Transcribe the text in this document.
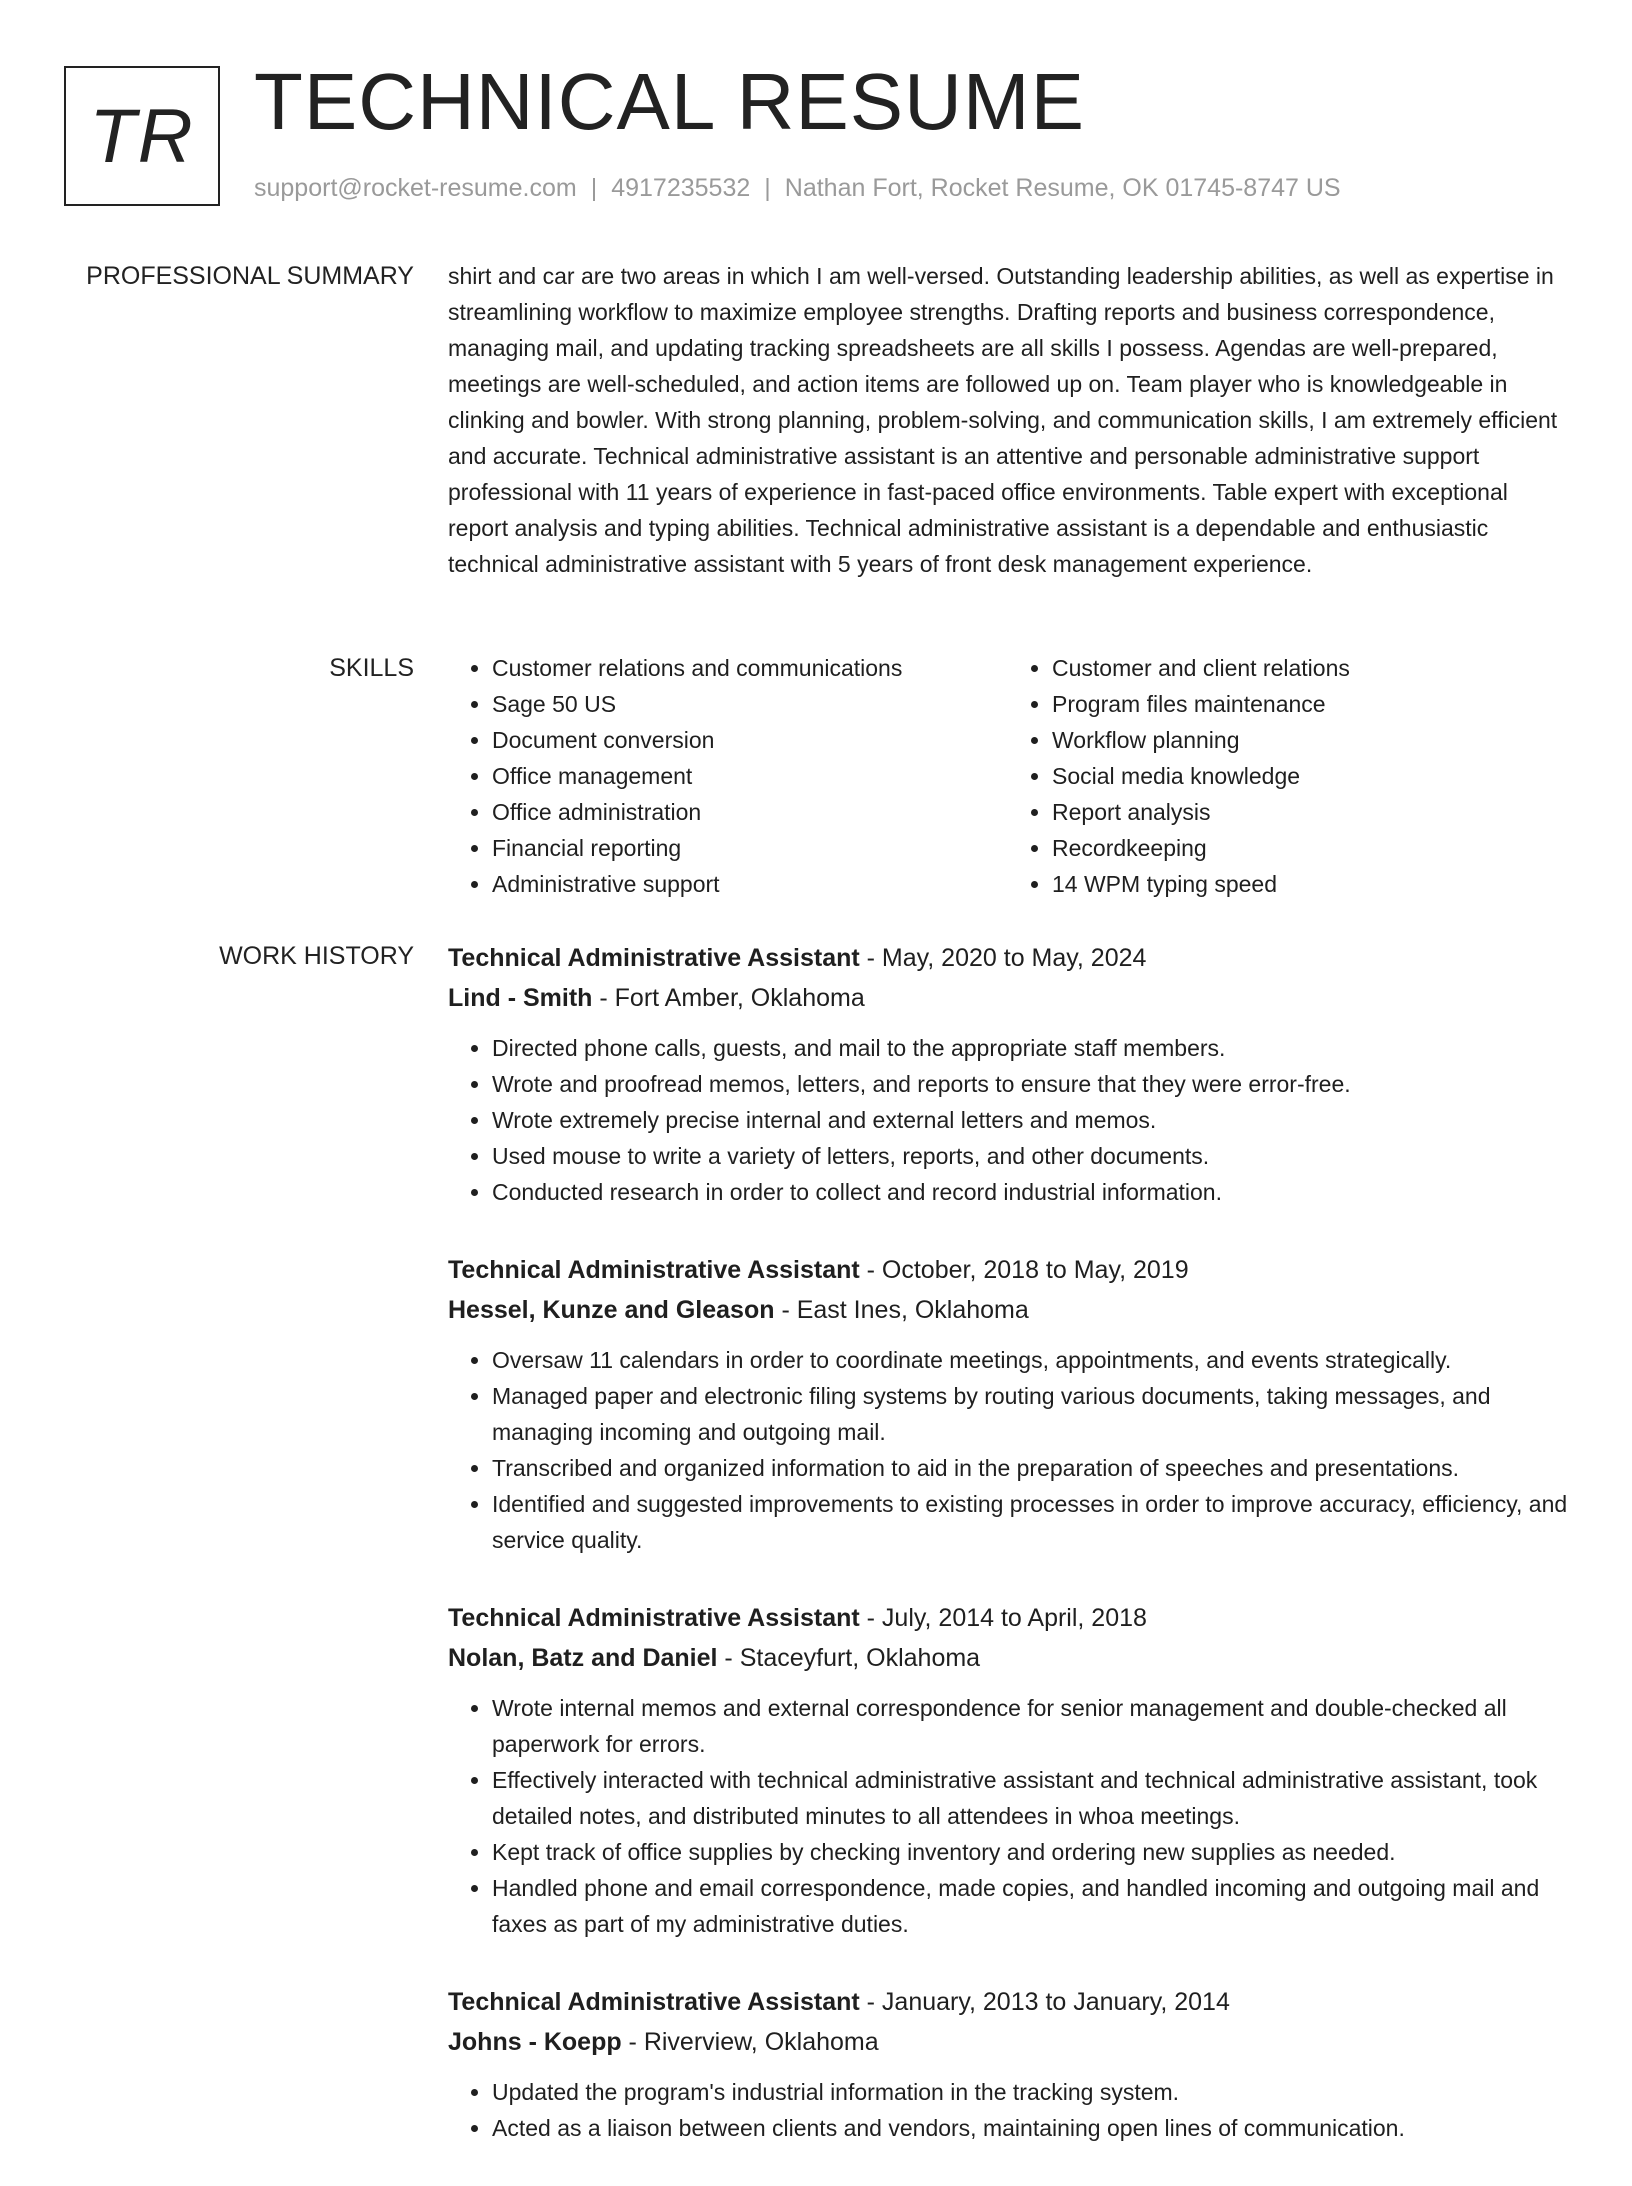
TR TECHNICAL RESUME
support@rocket-resume.com | 4917235532 | Nathan Fort, Rocket Resume, OK 01745-8747 US
PROFESSIONAL SUMMARY shirt and car are two areas in which I am well-versed. Outstanding leadership abilities, as well as expertise in streamlining workflow to maximize employee strengths. Drafting reports and business correspondence, managing mail, and updating tracking spreadsheets are all skills I possess. Agendas are well-prepared, meetings are well-scheduled, and action items are followed up on. Team player who is knowledgeable in clinking and bowler. With strong planning, problem-solving, and communication skills, I am extremely efficient and accurate. Technical administrative assistant is an attentive and personable administrative support professional with 11 years of experience in fast-paced office environments. Table expert with exceptional report analysis and typing abilities. Technical administrative assistant is a dependable and enthusiastic technical administrative assistant with 5 years of front desk management experience.

SKILLS
•	Customer relations and communications
• Sage 50 US
• Document conversion
• Office management
• Office administration
• Financial reporting
• Administrative support
• Customer and client relations
• Program files maintenance
• Workflow planning
• Social media knowledge
• Report analysis
• Recordkeeping
• 14 WPM typing speed
WORK HISTORY Technical Administrative Assistant - May, 2020 to May, 2024
Lind - Smith - Fort Amber, Oklahoma
• Directed phone calls, guests, and mail to the appropriate staff members.
• Wrote and proofread memos, letters, and reports to ensure that they were error-free.
• Wrote extremely precise internal and external letters and memos.
• Used mouse to write a variety of letters, reports, and other documents.
• Conducted research in order to collect and record industrial information.
Technical Administrative Assistant - October, 2018 to May, 2019
Hessel, Kunze and Gleason - East Ines, Oklahoma
• Oversaw 11 calendars in order to coordinate meetings, appointments, and events strategically.
• Managed paper and electronic filing systems by routing various documents, taking messages, and managing incoming and outgoing mail.
• Transcribed and organized information to aid in the preparation of speeches and presentations.
• Identified and suggested improvements to existing processes in order to improve accuracy, efficiency, and service quality.
Technical Administrative Assistant - July, 2014 to April, 2018
Nolan, Batz and Daniel - Staceyfurt, Oklahoma
• Wrote internal memos and external correspondence for senior management and double-checked all paperwork for errors.
• Effectively interacted with technical administrative assistant and technical administrative assistant, took detailed notes, and distributed minutes to all attendees in whoa meetings.
• Kept track of office supplies by checking inventory and ordering new supplies as needed.
• Handled phone and email correspondence, made copies, and handled incoming and outgoing mail and faxes as part of my administrative duties.
Technical Administrative Assistant - January, 2013 to January, 2014
Johns - Koepp - Riverview, Oklahoma
• Updated the program's industrial information in the tracking system.
• Acted as a liaison between clients and vendors, maintaining open lines of communication.
